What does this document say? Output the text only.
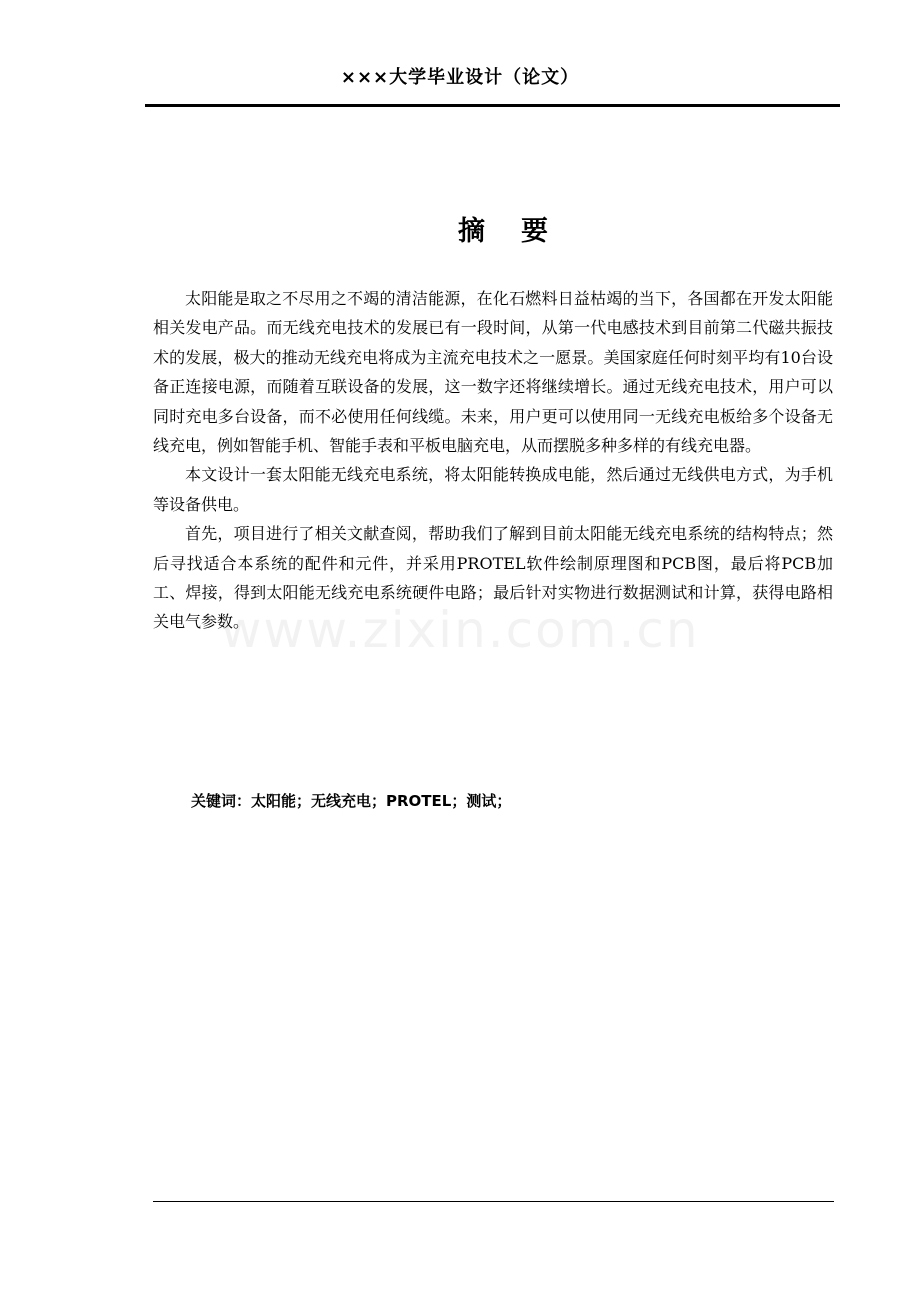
×××大学毕业设计（论文）
www.zixin.com.cn
摘要

太阳能是取之不尽用之不竭的清洁能源，在化石燃料日益枯竭的当下，各国都在开发太阳能相关发电产品。而无线充电技术的发展已有一段时间，从第一代电感技术到目前第二代磁共振技术的发展，极大的推动无线充电将成为主流充电技术之一愿景。美国家庭任何时刻平均有10台设备正连接电源，而随着互联设备的发展，这一数字还将继续增长。通过无线充电技术，用户可以同时充电多台设备，而不必使用任何线缆。未来，用户更可以使用同一无线充电板给多个设备无线充电，例如智能手机、智能手表和平板电脑充电，从而摆脱多种多样的有线充电器。

本文设计一套太阳能无线充电系统，将太阳能转换成电能，然后通过无线供电方式，为手机等设备供电。

首先，项目进行了相关文献查阅，帮助我们了解到目前太阳能无线充电系统的结构特点；然后寻找适合本系统的配件和元件，并采用PROTEL软件绘制原理图和PCB图，最后将PCB加工、焊接，得到太阳能无线充电系统硬件电路；最后针对实物进行数据测试和计算，获得电路相关电气参数。

关键词：太阳能；无线充电；PROTEL；测试；
